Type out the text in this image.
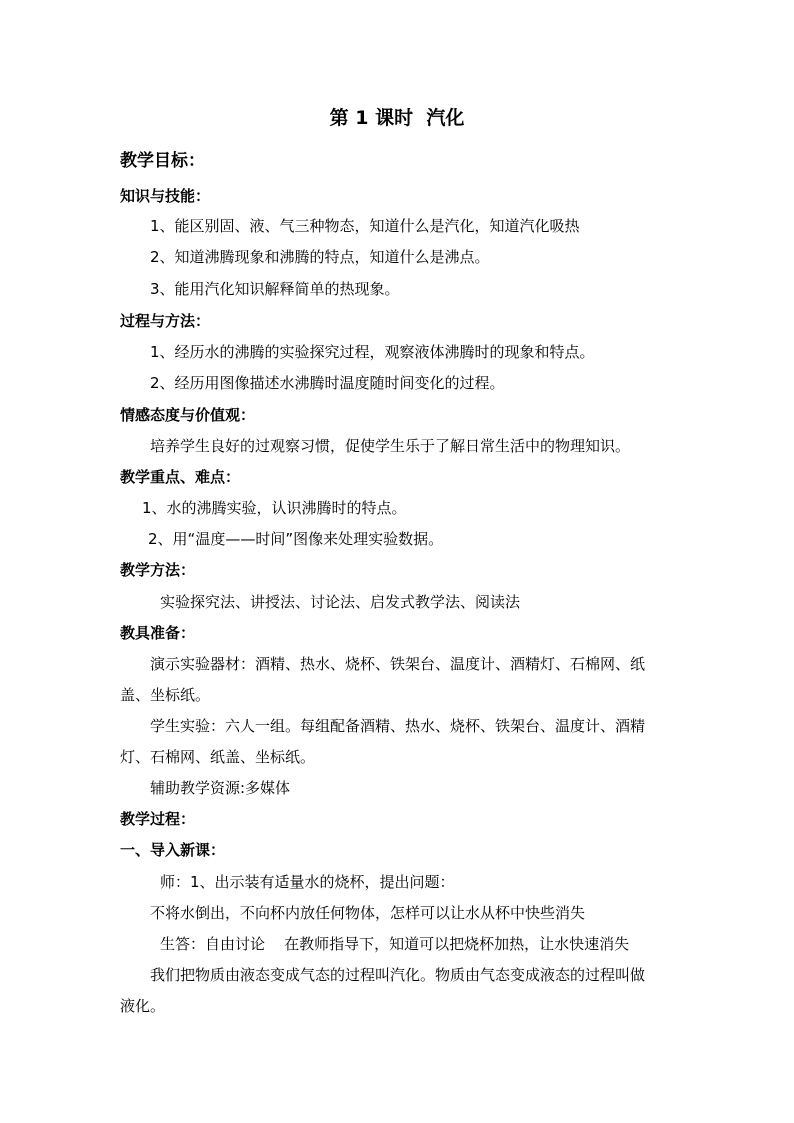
第 1 课时  汽化
教学目标：
知识与技能：
1、能区别固、液、气三种物态，知道什么是汽化，知道汽化吸热
2、知道沸腾现象和沸腾的特点，知道什么是沸点。
3、能用汽化知识解释简单的热现象。
过程与方法：
1、经历水的沸腾的实验探究过程，观察液体沸腾时的现象和特点。
2、经历用图像描述水沸腾时温度随时间变化的过程。
情感态度与价值观：
培养学生良好的过观察习惯，促使学生乐于了解日常生活中的物理知识。
教学重点、难点：
1、水的沸腾实验，认识沸腾时的特点。
2、用“温度——时间”图像来处理实验数据。
教学方法：
实验探究法、讲授法、讨论法、启发式教学法、阅读法
教具准备：
演示实验器材：酒精、热水、烧杯、铁架台、温度计、酒精灯、石棉网、纸
盖、坐标纸。
学生实验：六人一组。每组配备酒精、热水、烧杯、铁架台、温度计、酒精
灯、石棉网、纸盖、坐标纸。
辅助教学资源:多媒体
教学过程：
一、导入新课：
师：1、出示装有适量水的烧杯，提出问题：
不将水倒出，不向杯内放任何物体，怎样可以让水从杯中快些消失
生答：自由讨论    在教师指导下，知道可以把烧杯加热，让水快速消失
我们把物质由液态变成气态的过程叫汽化。物质由气态变成液态的过程叫做
液化。
